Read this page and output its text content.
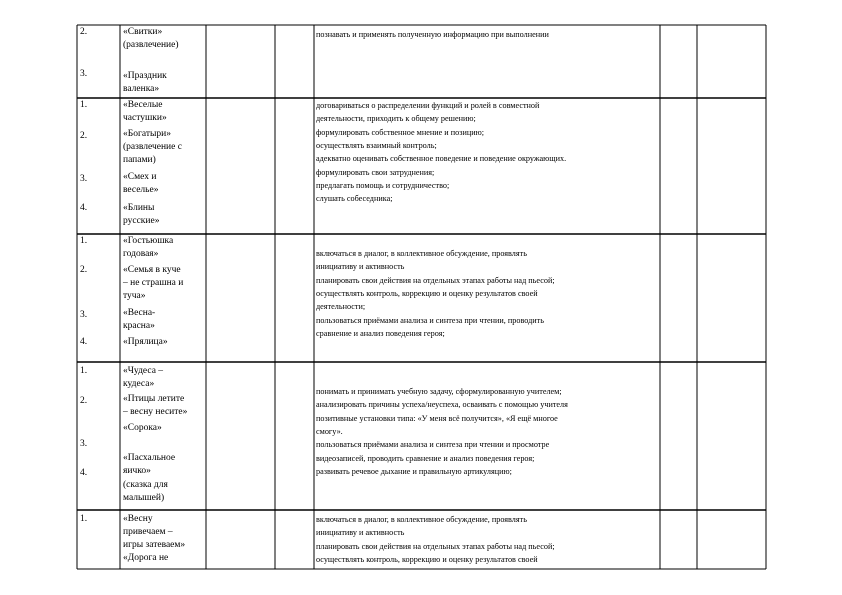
2.
3.
«Свитки»
(развлечение)
«Праздник
валенка»
познавать и применять полученную информацию при выполнении
1.
2.
3.
4.
«Веселые
частушки»
«Богатыри»
(развлечение с
папами)
«Смех и
веселье»
«Блины
русские»
договариваться о распределении функций и ролей в совместной
деятельности, приходить к общему решению;
формулировать собственное мнение и позицию;
осуществлять взаимный контроль;
адекватно оценивать собственное поведение и поведение окружающих.
формулировать свои затруднения;
предлагать помощь и сотрудничество;
слушать собеседника;
1.
2.
3.
4.
«Гостьюшка
годовая»
«Семья в куче
– не страшна и
туча»
«Весна-
красна»
«Прялица»
включаться в диалог, в коллективное обсуждение, проявлять
инициативу и активность
планировать свои действия на отдельных этапах работы над пьесой;
осуществлять контроль, коррекцию и оценку результатов своей
деятельности;
пользоваться приёмами анализа и синтеза при чтении, проводить
сравнение и анализ поведения героя;
1.
2.
3.
4.
«Чудеса –
кудеса»
«Птицы летите
– весну несите»
«Сорока»
«Пасхальное
яичко»
(сказка для
малышей)
понимать и принимать учебную задачу, сформулированную учителем;
анализировать причины успеха/неуспеха, осваивать с помощью учителя
позитивные установки типа: «У меня всё получится», «Я ещё многое
смогу».
пользоваться приёмами анализа и синтеза при чтении и просмотре
видеозаписей, проводить сравнение и анализ поведения героя;
развивать речевое дыхание и правильную артикуляцию;
1.	«Весну
привечаем –
игры затеваем»
«Дорога не
включаться в диалог, в коллективное обсуждение, проявлять
инициативу и активность
планировать свои действия на отдельных этапах работы над пьесой;
осуществлять контроль, коррекцию и оценку результатов своей
